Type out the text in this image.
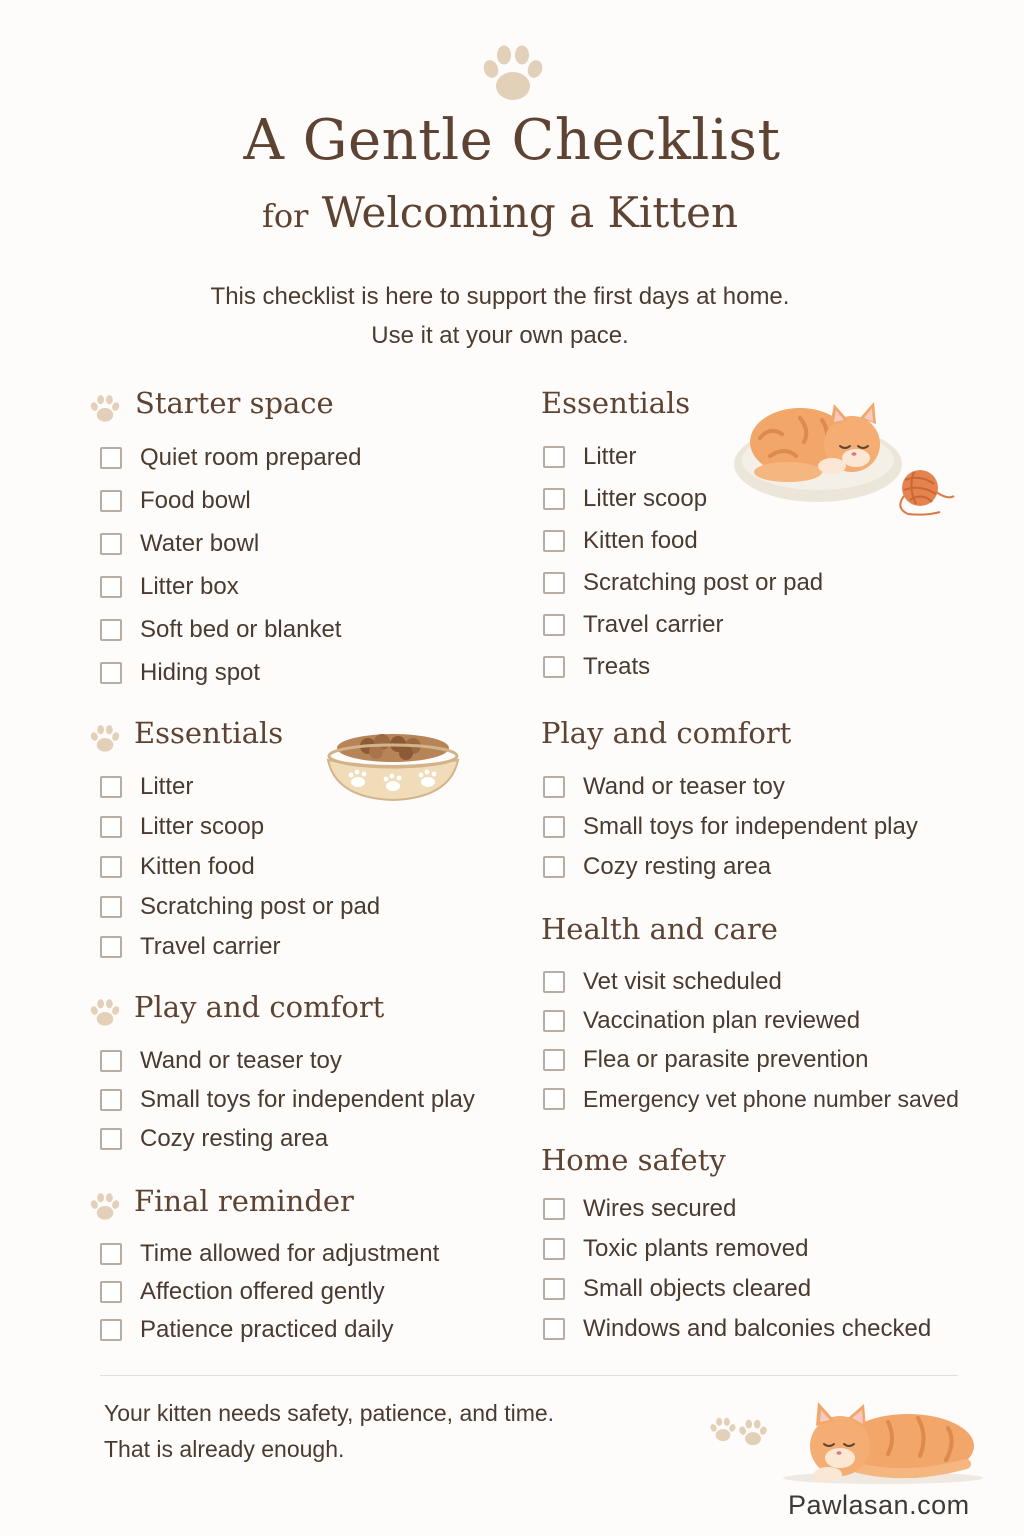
A Gentle Checklist
for Welcoming a Kitten
This checklist is here to support the first days at home.
Use it at your own pace.
Starter space
Quiet room prepared
Food bowl
Water bowl
Litter box
Soft bed or blanket
Hiding spot
Essentials
Litter
Litter scoop
Kitten food
Scratching post or pad
Travel carrier
Play and comfort
Wand or teaser toy
Small toys for independent play
Cozy resting area
Final reminder
Time allowed for adjustment
Affection offered gently
Patience practiced daily
Essentials
Litter
Litter scoop
Kitten food
Scratching post or pad
Travel carrier
Treats
Play and comfort
Wand or teaser toy
Small toys for independent play
Cozy resting area
Health and care
Vet visit scheduled
Vaccination plan reviewed
Flea or parasite prevention
Emergency vet phone number saved
Home safety
Wires secured
Toxic plants removed
Small objects cleared
Windows and balconies checked
Your kitten needs safety, patience, and time.
That is already enough.
Pawlasan.com
